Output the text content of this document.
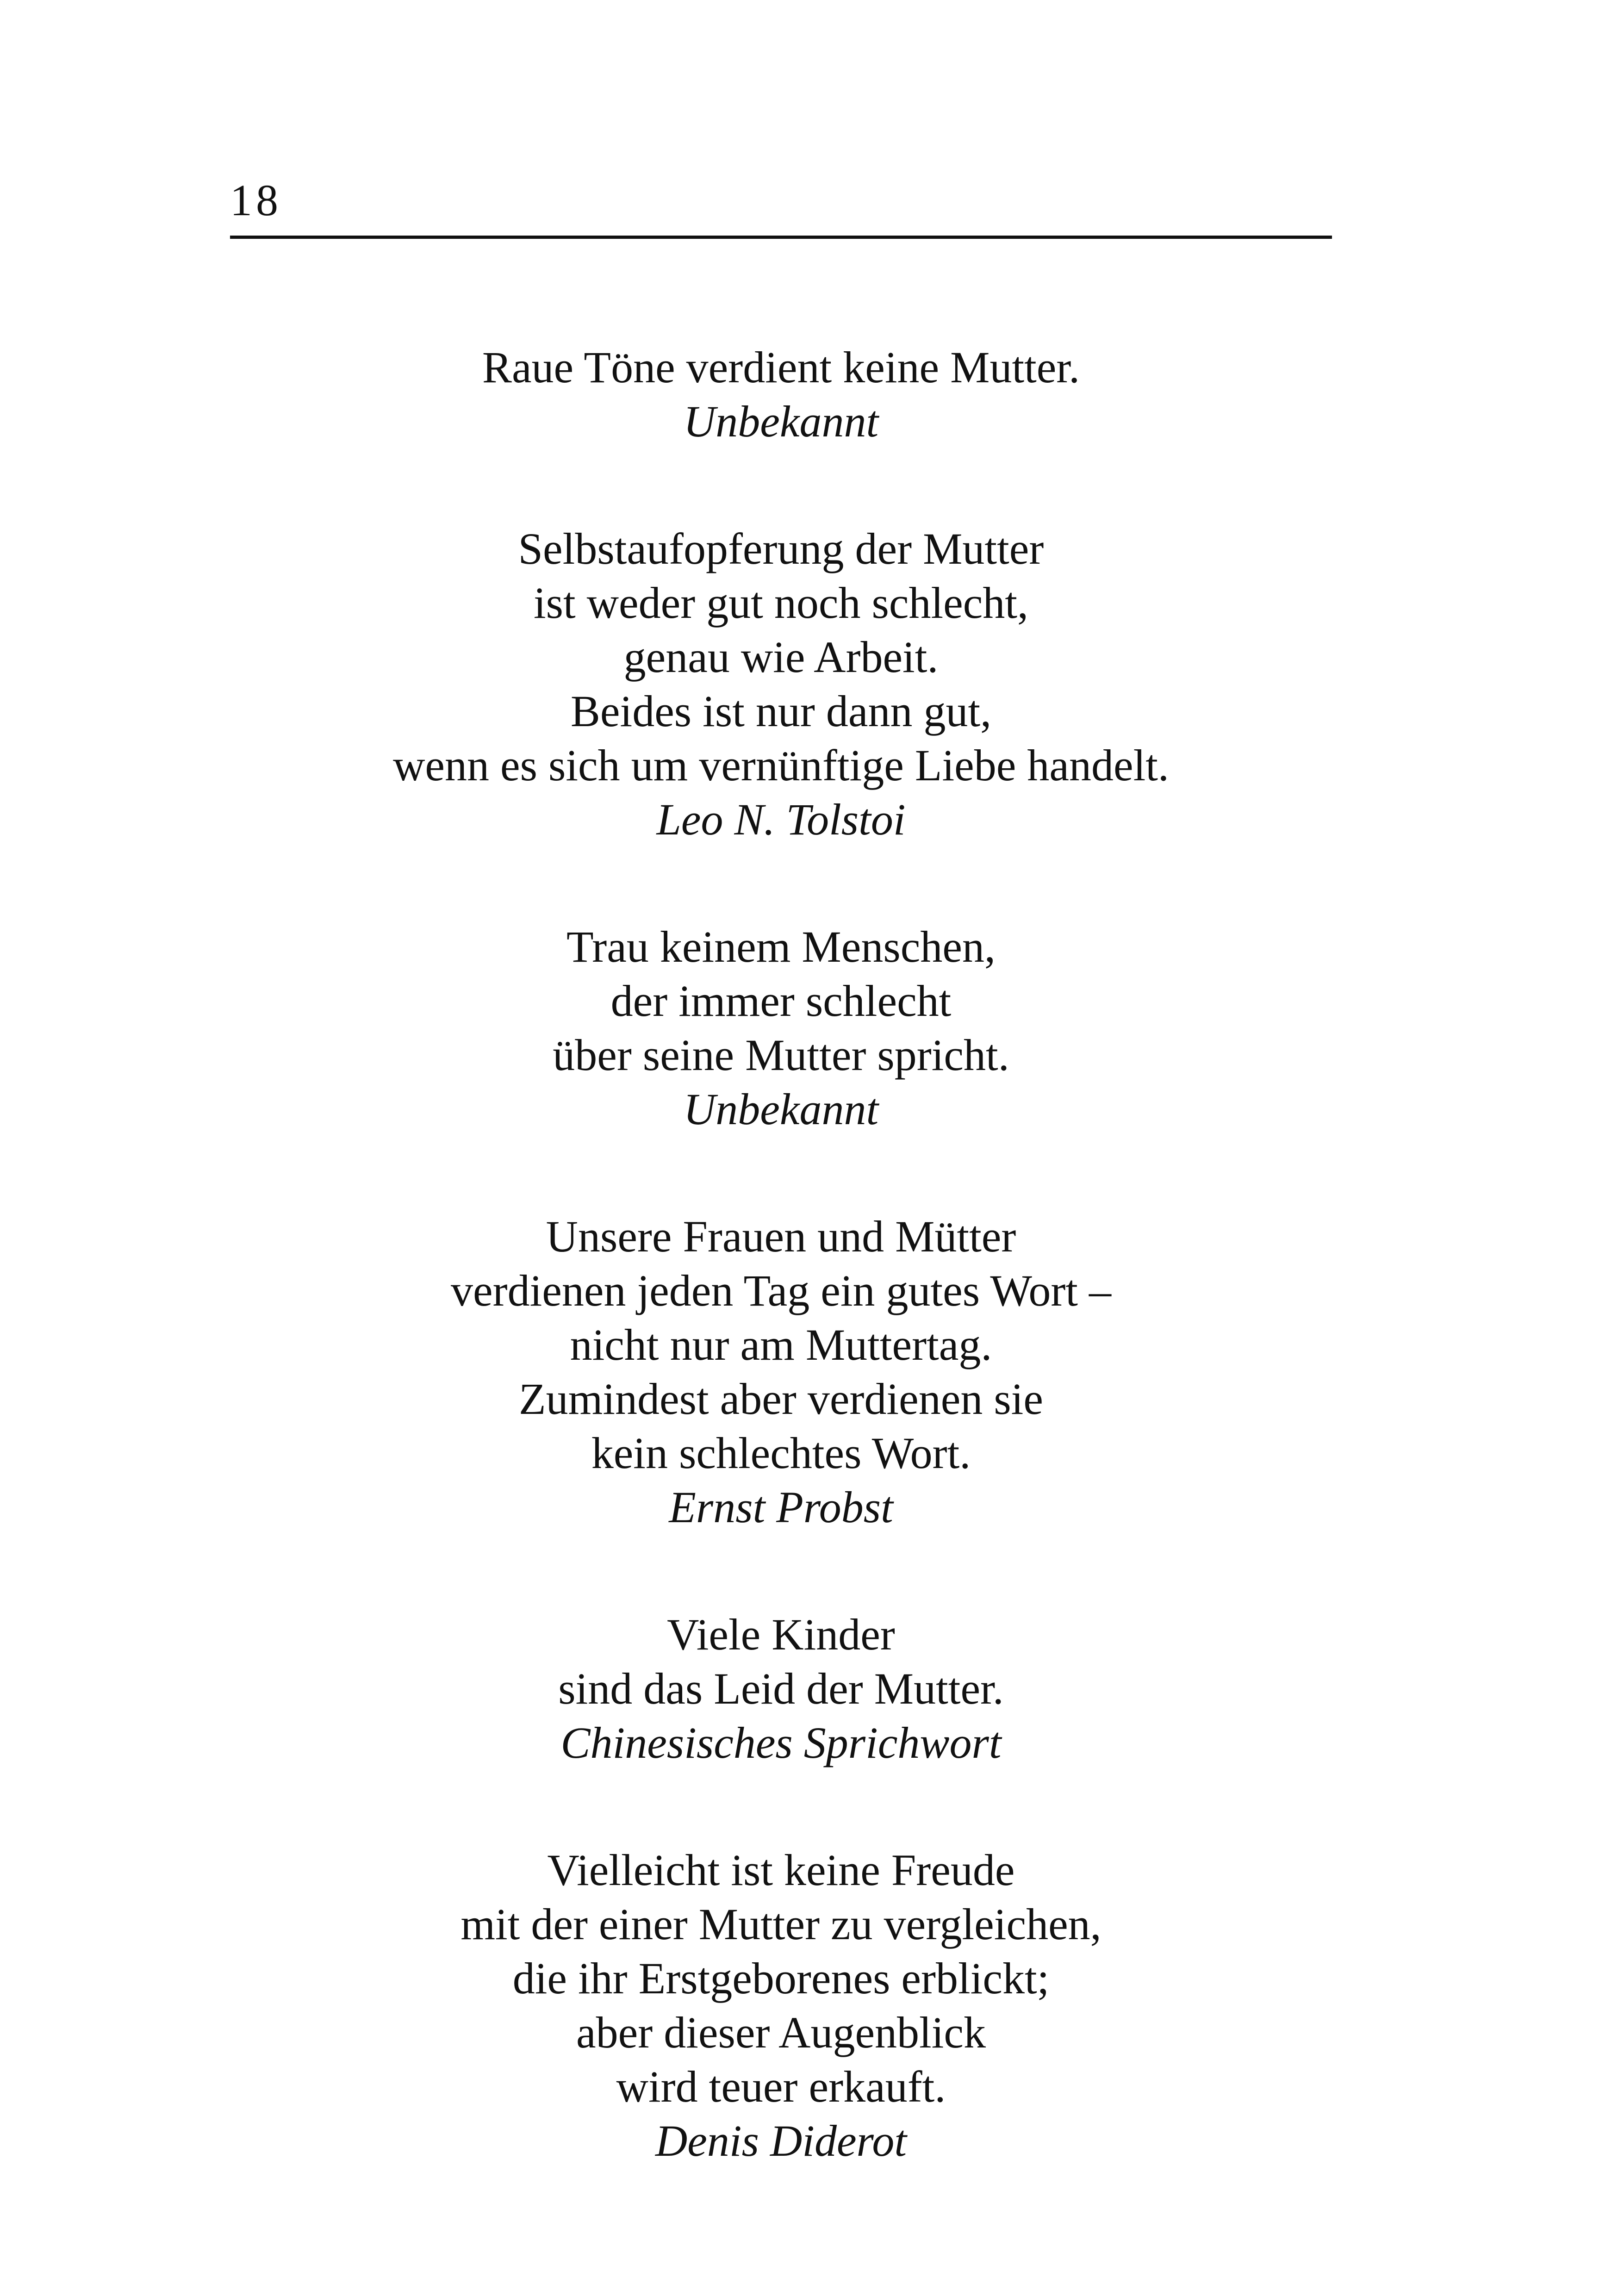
18
Raue Töne verdient keine Mutter.
Unbekannt
Selbstaufopferung der Mutter
ist weder gut noch schlecht,
genau wie Arbeit.
Beides ist nur dann gut,
wenn es sich um vernünftige Liebe handelt.
Leo N. Tolstoi
Trau keinem Menschen,
der immer schlecht
über seine Mutter spricht.
Unbekannt
Unsere Frauen und Mütter
verdienen jeden Tag ein gutes Wort –
nicht nur am Muttertag.
Zumindest aber verdienen sie
kein schlechtes Wort.
Ernst Probst
Viele Kinder
sind das Leid der Mutter.
Chinesisches Sprichwort
Vielleicht ist keine Freude
mit der einer Mutter zu vergleichen,
die ihr Erstgeborenes erblickt;
aber dieser Augenblick
wird teuer erkauft.
Denis Diderot
